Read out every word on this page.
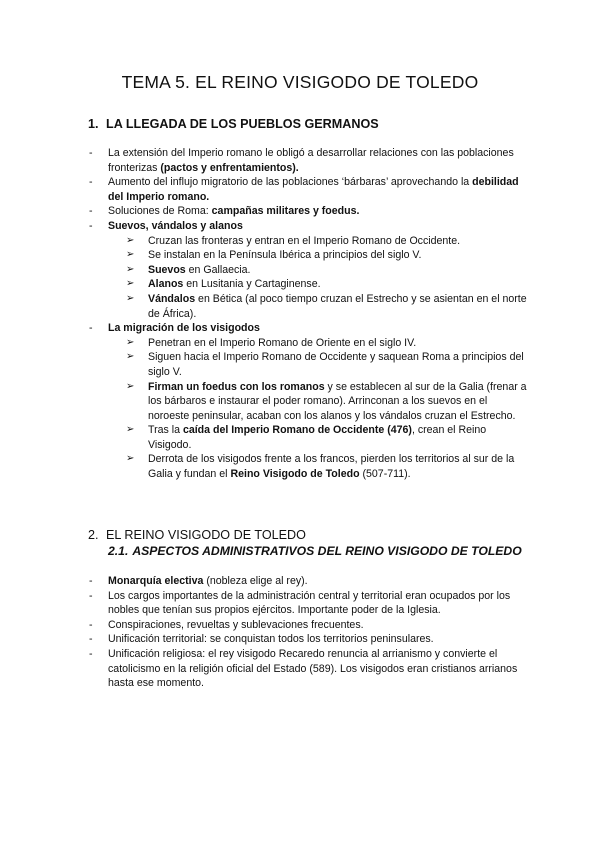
TEMA 5. EL REINO VISIGODO DE TOLEDO
1. LA LLEGADA DE LOS PUEBLOS GERMANOS
- La extensión del Imperio romano le obligó a desarrollar relaciones con las poblaciones fronterizas (pactos y enfrentamientos).
- Aumento del influjo migratorio de las poblaciones ‘bárbaras’ aprovechando la debilidad del Imperio romano.
- Soluciones de Roma: campañas militares y foedus.
- Suevos, vándalos y alanos
➢ Cruzan las fronteras y entran en el Imperio Romano de Occidente.
➢ Se instalan en la Península Ibérica a principios del siglo V.
➢ Suevos en Gallaecia.
➢ Alanos en Lusitania y Cartaginense.
➢ Vándalos en Bética (al poco tiempo cruzan el Estrecho y se asientan en el norte de África).
- La migración de los visigodos
➢ Penetran en el Imperio Romano de Oriente en el siglo IV.
➢ Siguen hacia el Imperio Romano de Occidente y saquean Roma a principios del siglo V.
➢ Firman un foedus con los romanos y se establecen al sur de la Galia (frenar a los bárbaros e instaurar el poder romano). Arrinconan a los suevos en el noroeste peninsular, acaban con los alanos y los vándalos cruzan el Estrecho.
➢ Tras la caída del Imperio Romano de Occidente (476), crean el Reino Visigodo.
➢ Derrota de los visigodos frente a los francos, pierden los territorios al sur de la Galia y fundan el Reino Visigodo de Toledo (507-711).
2. EL REINO VISIGODO DE TOLEDO
2.1. ASPECTOS ADMINISTRATIVOS DEL REINO VISIGODO DE TOLEDO
- Monarquía electiva (nobleza elige al rey).
- Los cargos importantes de la administración central y territorial eran ocupados por los nobles que tenían sus propios ejércitos. Importante poder de la Iglesia.
- Conspiraciones, revueltas y sublevaciones frecuentes.
- Unificación territorial: se conquistan todos los territorios peninsulares.
- Unificación religiosa: el rey visigodo Recaredo renuncia al arrianismo y convierte el catolicismo en la religión oficial del Estado (589). Los visigodos eran cristianos arrianos hasta ese momento.
